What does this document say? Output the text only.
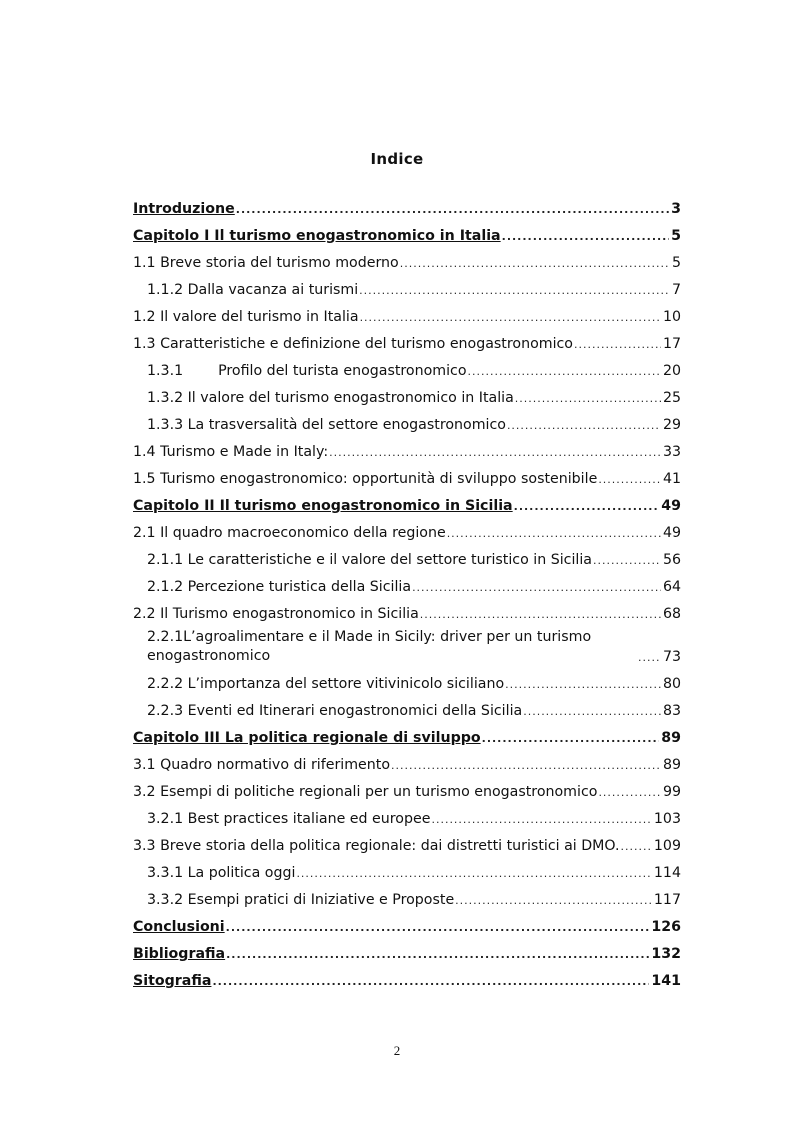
Indice
Introduzione .....	3
Capitolo I Il turismo enogastronomico in Italia .....	5
1.1 Breve storia del turismo moderno .....	5
1.1.2 Dalla vacanza ai turismi .....	7
1.2 Il valore del turismo in Italia .....	10
1.3 Caratteristiche e definizione del turismo enogastronomico .....	17
1.3.1 Profilo del turista enogastronomico .....	20
1.3.2 Il valore del turismo enogastronomico in Italia .....	25
1.3.3 La trasversalità del settore enogastronomico .....	29
1.4 Turismo e Made in Italy: .....	33
1.5 Turismo enogastronomico: opportunità di sviluppo sostenibile .....	41
Capitolo II Il turismo enogastronomico in Sicilia .....	49
2.1 Il quadro macroeconomico della regione .....	49
2.1.1 Le caratteristiche e il valore del settore turistico in Sicilia .....	56
2.1.2 Percezione turistica della Sicilia .....	64
2.2 Il Turismo enogastronomico in Sicilia .....	68
2.2.1L’agroalimentare e il Made in Sicily: driver per un turismo
enogastronomico .....	73
2.2.2 L’importanza del settore vitivinicolo siciliano .....	80
2.2.3 Eventi ed Itinerari enogastronomici della Sicilia .....	83
Capitolo III La politica regionale di sviluppo .....	89
3.1 Quadro normativo di riferimento .....	89
3.2 Esempi di politiche regionali per un turismo enogastronomico .....	99
3.2.1 Best practices italiane ed europee .....	103
3.3 Breve storia della politica regionale: dai distretti turistici ai DMO. ..... 109
3.3.1 La politica oggi .....	114
3.3.2 Esempi pratici di Iniziative e Proposte .....	117
Conclusioni .....	126
Bibliografia .....	132
Sitografia .....	141
2
